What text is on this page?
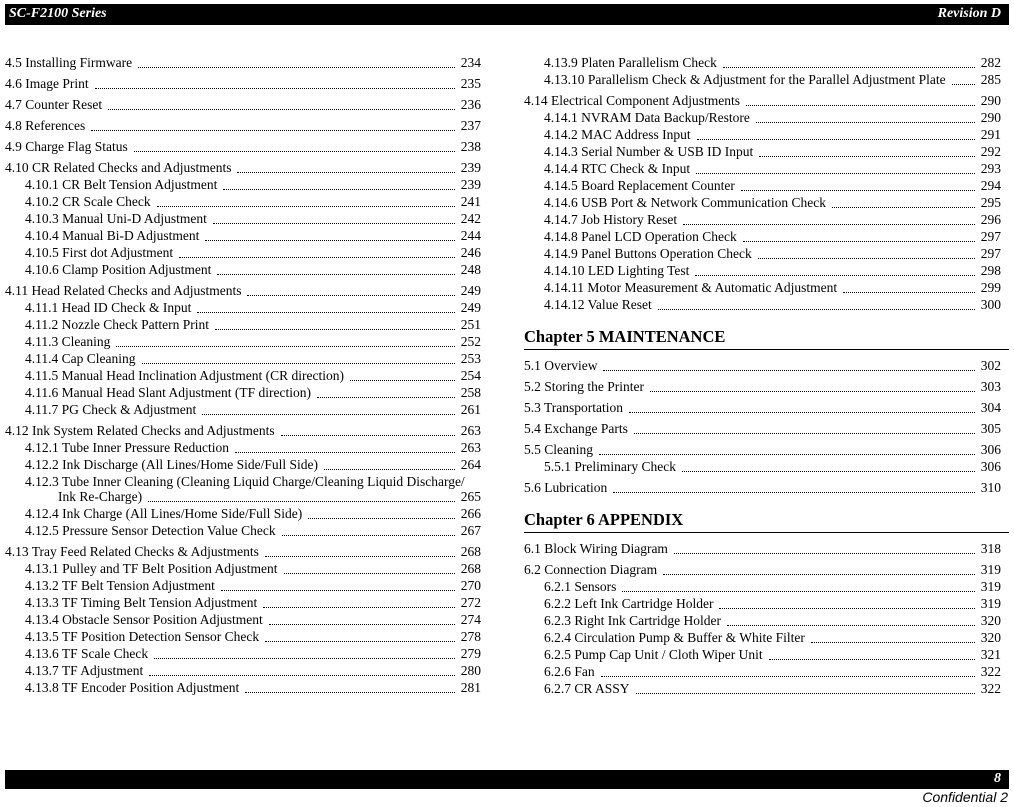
SC-F2100 Series	Revision D
4.5 Installing Firmware	234
4.6 Image Print	235
4.7 Counter Reset	236
4.8 References	237
4.9 Charge Flag Status	238
4.10 CR Related Checks and Adjustments	239
4.10.1 CR Belt Tension Adjustment	239
4.10.2 CR Scale Check	241
4.10.3 Manual Uni-D Adjustment	242
4.10.4 Manual Bi-D Adjustment	244
4.10.5 First dot Adjustment	246
4.10.6 Clamp Position Adjustment	248
4.11 Head Related Checks and Adjustments	249
4.11.1 Head ID Check & Input	249
4.11.2 Nozzle Check Pattern Print	251
4.11.3 Cleaning	252
4.11.4 Cap Cleaning	253
4.11.5 Manual Head Inclination Adjustment (CR direction)	254
4.11.6 Manual Head Slant Adjustment (TF direction)	258
4.11.7 PG Check & Adjustment	261
4.12 Ink System Related Checks and Adjustments	263
4.12.1 Tube Inner Pressure Reduction	263
4.12.2 Ink Discharge (All Lines/Home Side/Full Side)	264
4.12.3 Tube Inner Cleaning (Cleaning Liquid Charge/Cleaning Liquid Discharge/
Ink Re-Charge)	265
4.12.4 Ink Charge (All Lines/Home Side/Full Side)	266
4.12.5 Pressure Sensor Detection Value Check	267
4.13 Tray Feed Related Checks & Adjustments	268
4.13.1 Pulley and TF Belt Position Adjustment	268
4.13.2 TF Belt Tension Adjustment	270
4.13.3 TF Timing Belt Tension Adjustment	272
4.13.4 Obstacle Sensor Position Adjustment	274
4.13.5 TF Position Detection Sensor Check	278
4.13.6 TF Scale Check	279
4.13.7 TF Adjustment	280
4.13.8 TF Encoder Position Adjustment	281
4.13.9 Platen Parallelism Check	282
4.13.10 Parallelism Check & Adjustment for the Parallel Adjustment Plate	285
4.14 Electrical Component Adjustments	290
4.14.1 NVRAM Data Backup/Restore	290
4.14.2 MAC Address Input	291
4.14.3 Serial Number & USB ID Input	292
4.14.4 RTC Check & Input	293
4.14.5 Board Replacement Counter	294
4.14.6 USB Port & Network Communication Check	295
4.14.7 Job History Reset	296
4.14.8 Panel LCD Operation Check	297
4.14.9 Panel Buttons Operation Check	297
4.14.10 LED Lighting Test	298
4.14.11 Motor Measurement & Automatic Adjustment	299
4.14.12 Value Reset	300
Chapter 5 MAINTENANCE
5.1 Overview	302
5.2 Storing the Printer	303
5.3 Transportation	304
5.4 Exchange Parts	305
5.5 Cleaning	306
5.5.1 Preliminary Check	306
5.6 Lubrication	310
Chapter 6 APPENDIX
6.1 Block Wiring Diagram	318
6.2 Connection Diagram	319
6.2.1 Sensors	319
6.2.2 Left Ink Cartridge Holder	319
6.2.3 Right Ink Cartridge Holder	320
6.2.4 Circulation Pump & Buffer & White Filter	320
6.2.5 Pump Cap Unit / Cloth Wiper Unit	321
6.2.6 Fan	322
6.2.7 CR ASSY	322
8
Confidential 2
